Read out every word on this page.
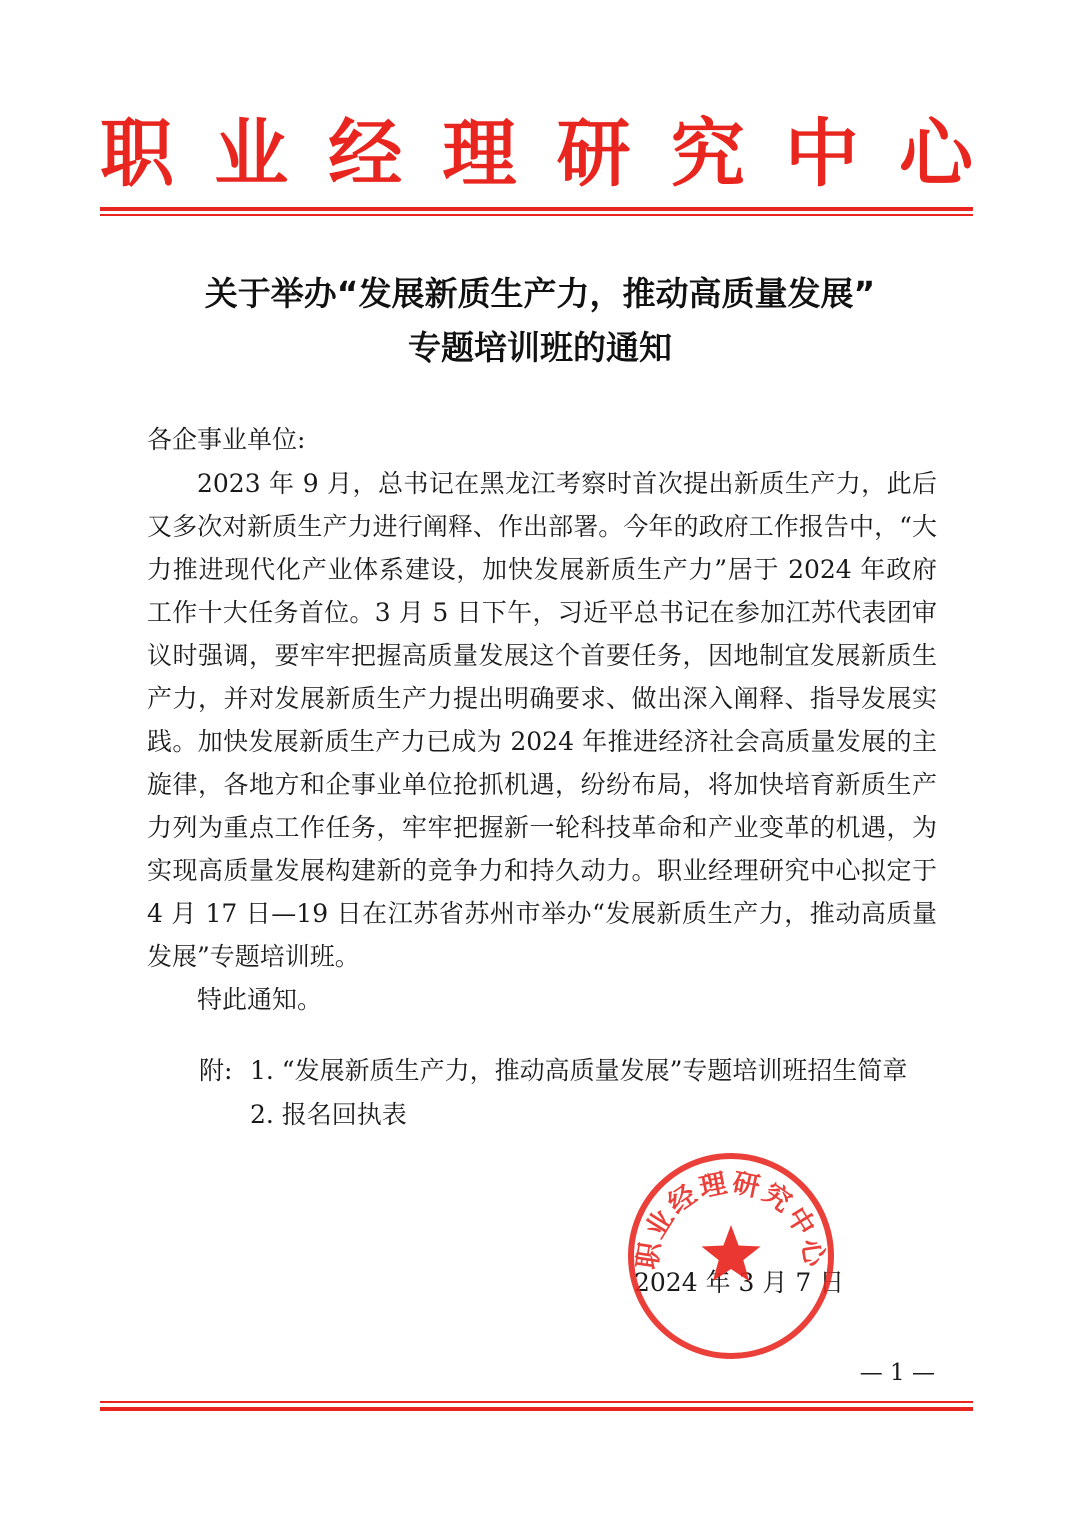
职 业 经 理 研 究 中 心
关于举办“发展新质生产力，推动高质量发展”
专题培训班的通知
各企事业单位:

2023 年 9 月，总书记在黑龙江考察时首次提出新质生产力，此后又多次对新质生产力进行阐释、作出部署。今年的政府工作报告中，“大力推进现代化产业体系建设，加快发展新质生产力”居于 2024 年政府工作十大任务首位。3 月 5 日下午，习近平总书记在参加江苏代表团审议时强调，要牢牢把握高质量发展这个首要任务，因地制宜发展新质生产力，并对发展新质生产力提出明确要求、做出深入阐释、指导发展实践。加快发展新质生产力已成为 2024 年推进经济社会高质量发展的主旋律，各地方和企事业单位抢抓机遇，纷纷布局，将加快培育新质生产力列为重点工作任务，牢牢把握新一轮科技革命和产业变革的机遇，为实现高质量发展构建新的竞争力和持久动力。职业经理研究中心拟定于 4 月 17 日—19 日在江苏省苏州市举办“发展新质生产力，推动高质量发展”专题培训班。

特此通知。

附: 1. “发展新质生产力，推动高质量发展”专题培训班招生简章
2. 报名回执表
2024 年 3 月 7 日
职业经理研究中心
— 1 —
